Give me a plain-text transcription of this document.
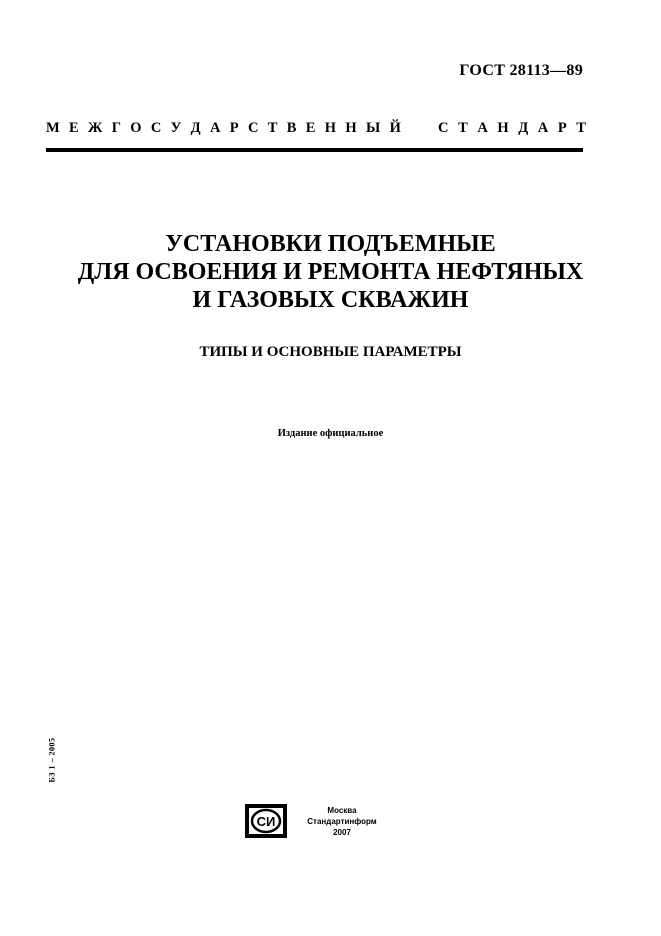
ГОСТ 28113—89
М Е Ж Г О С У Д А Р С Т В Е Н Н Ы Й	С Т А Н Д А Р Т
УСТАНОВКИ ПОДЪЕМНЫЕ
ДЛЯ ОСВОЕНИЯ И РЕМОНТА НЕФТЯНЫХ
И ГАЗОВЫХ СКВАЖИН
ТИПЫ И ОСНОВНЫЕ ПАРАМЕТРЫ
Издание официальное
БЗ 1 – 2005
СИ
Москва
Стандартинформ
2007
